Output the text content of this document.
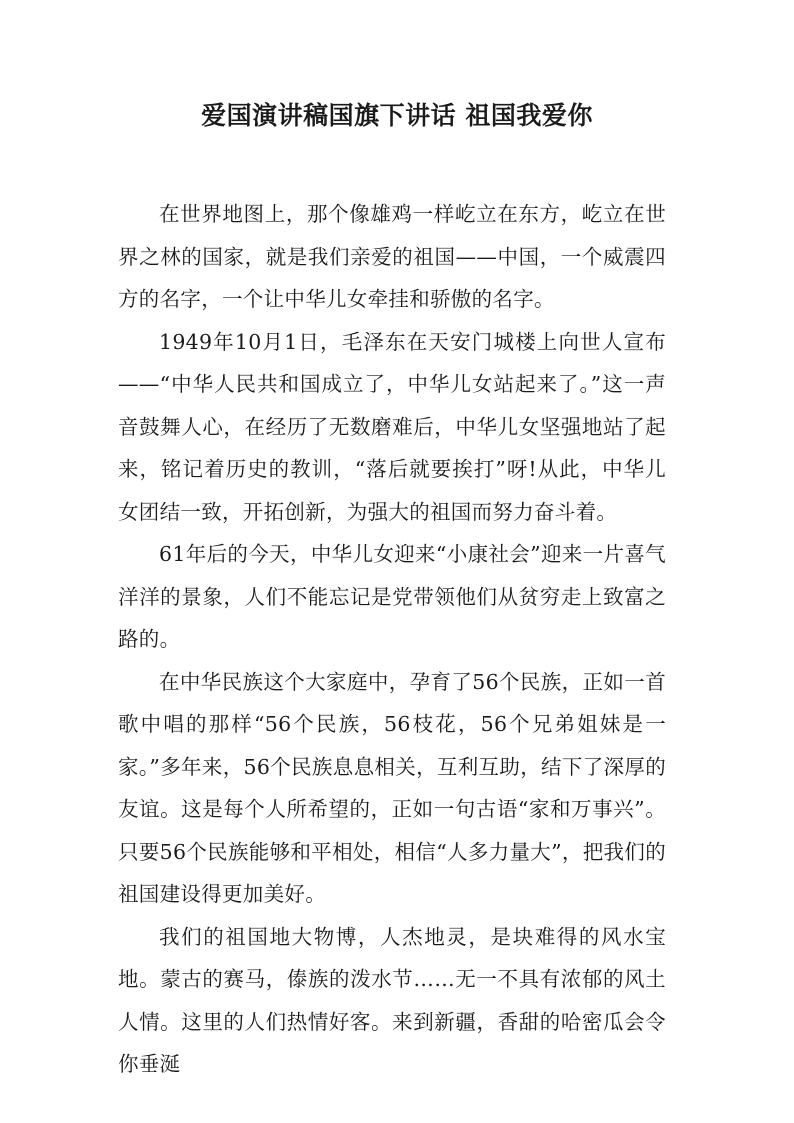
爱国演讲稿国旗下讲话 祖国我爱你

在世界地图上，那个像雄鸡一样屹立在东方，屹立在世界之林的国家，就是我们亲爱的祖国——中国，一个威震四方的名字，一个让中华儿女牵挂和骄傲的名字。

1949年10月1日，毛泽东在天安门城楼上向世人宣布——“中华人民共和国成立了，中华儿女站起来了。”这一声音鼓舞人心，在经历了无数磨难后，中华儿女坚强地站了起来，铭记着历史的教训，“落后就要挨打”呀!从此，中华儿女团结一致，开拓创新，为强大的祖国而努力奋斗着。

61年后的今天，中华儿女迎来“小康社会”迎来一片喜气洋洋的景象，人们不能忘记是党带领他们从贫穷走上致富之路的。

在中华民族这个大家庭中，孕育了56个民族，正如一首歌中唱的那样“56个民族，56枝花，56个兄弟姐妹是一家。”多年来，56个民族息息相关，互利互助，结下了深厚的友谊。这是每个人所希望的，正如一句古语“家和万事兴”。只要56个民族能够和平相处，相信“人多力量大”，把我们的祖国建设得更加美好。

我们的祖国地大物博，人杰地灵，是块难得的风水宝地。蒙古的赛马，傣族的泼水节……无一不具有浓郁的风土人情。这里的人们热情好客。来到新疆，香甜的哈密瓜会令你垂涎
